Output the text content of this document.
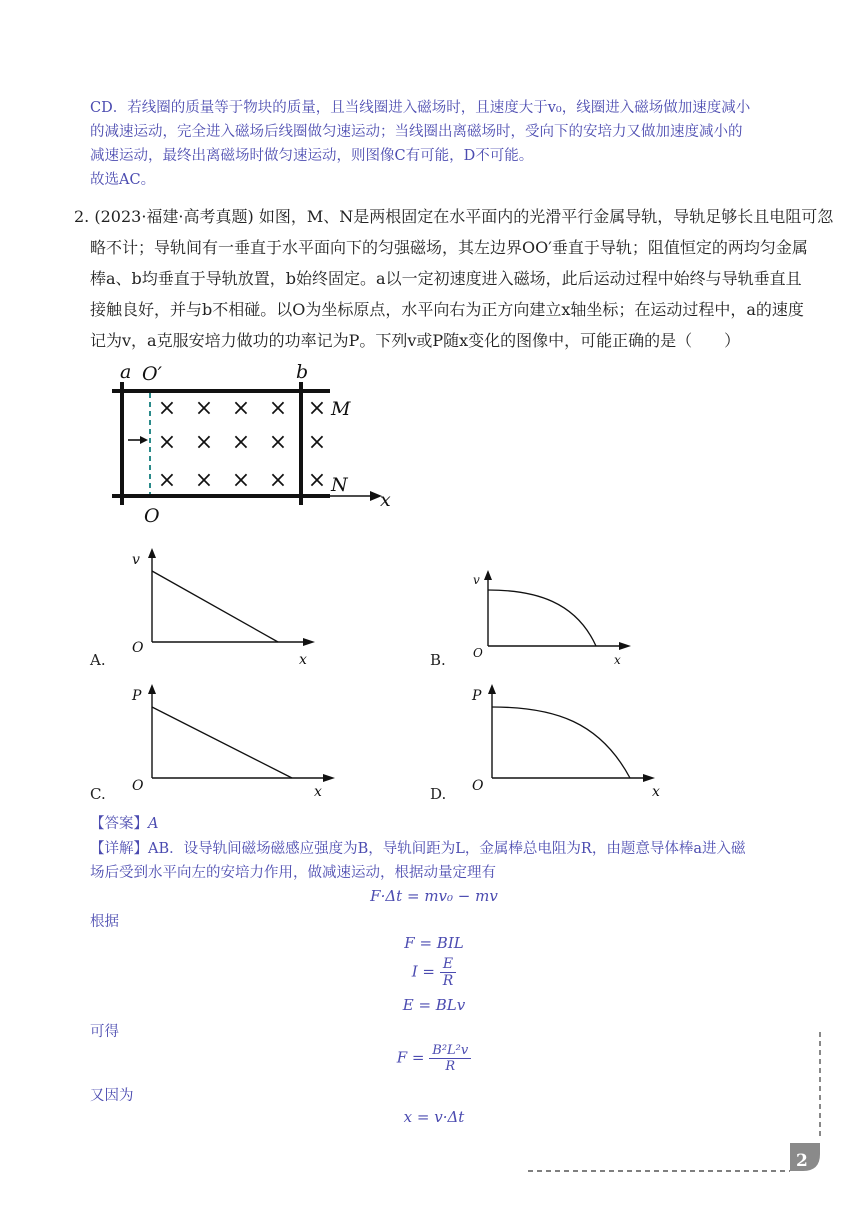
CD．若线圈的质量等于物块的质量，且当线圈进入磁场时，且速度大于v₀，线圈进入磁场做加速度减小
的减速运动，完全进入磁场后线圈做匀速运动；当线圈出离磁场时，受向下的安培力又做加速度减小的
减速运动，最终出离磁场时做匀速运动，则图像C有可能，D不可能。
故选AC。
2. (2023·福建·高考真题) 如图，M、N是两根固定在水平面内的光滑平行金属导轨，导轨足够长且电阻可忽
略不计；导轨间有一垂直于水平面向下的匀强磁场，其左边界OO′垂直于导轨；阻值恒定的两均匀金属
棒a、b均垂直于导轨放置，b始终固定。a以一定初速度进入磁场，此后运动过程中始终与导轨垂直且
接触良好，并与b不相碰。以O为坐标原点，水平向右为正方向建立x轴坐标；在运动过程中，a的速度
记为v，a克服安培力做功的功率记为P。下列v或P随x变化的图像中，可能正确的是（　　）
× × × × ×
× × × × ×
× × × × ×
a O′	b
M
N
O
x
A.
v
O
x	B.
v
O	x
C.
P
O	x	D.
P
O	x
【答案】A
【详解】AB．设导轨间磁场磁感应强度为B，导轨间距为L，金属棒总电阻为R，由题意导体棒a进入磁
场后受到水平向左的安培力作用，做减速运动，根据动量定理有
F·Δt = mv₀ − mv
根据
F = BIL
$I = \frac{E}{R}$
E = BLv
可得
$F = \frac{\text{B²L²v}}{R}$
又因为
x = v·Δt
2
